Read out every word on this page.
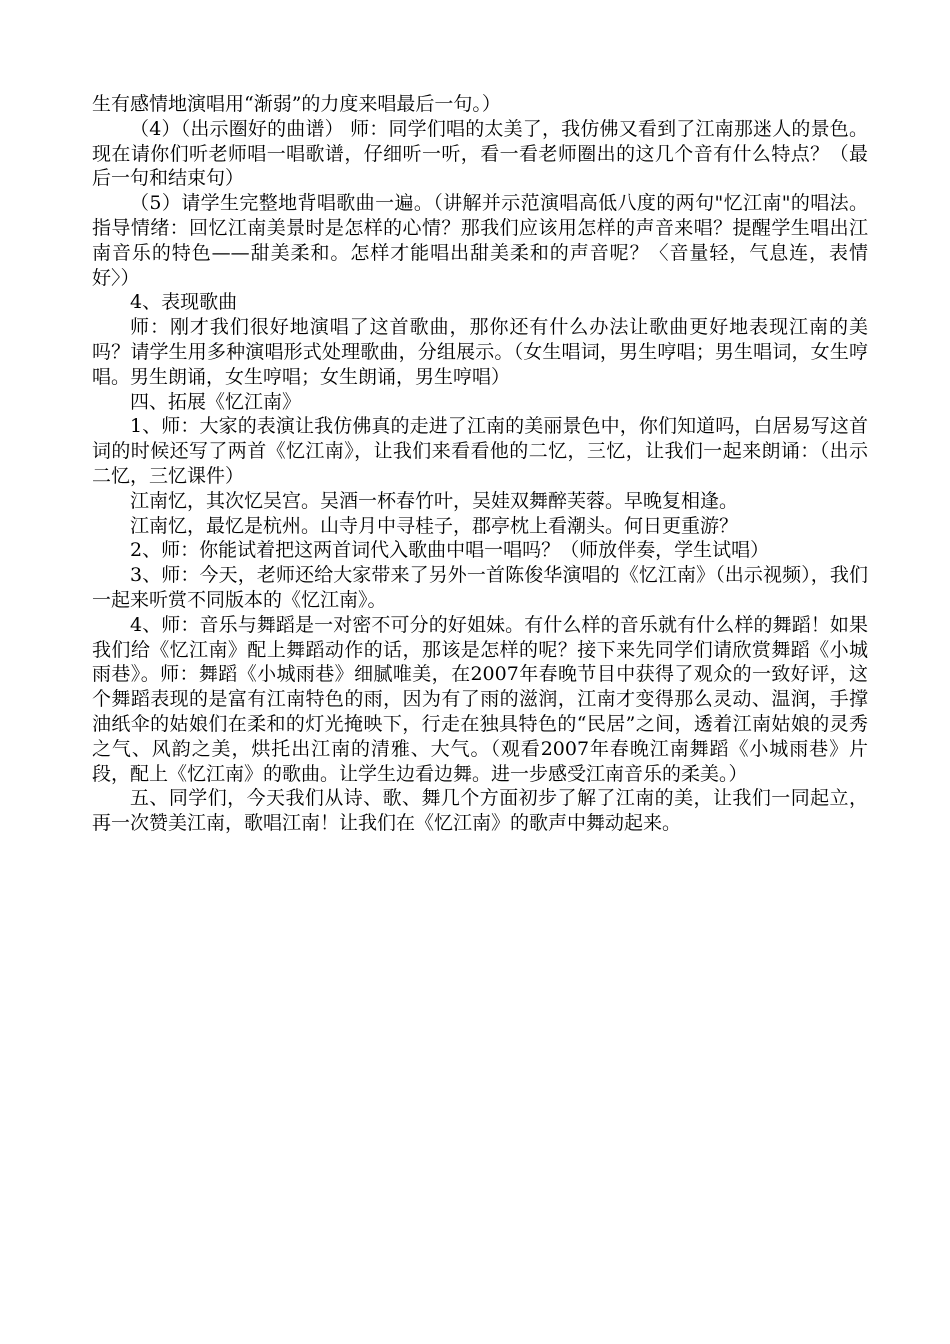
生有感情地演唱用“渐弱”的力度来唱最后一句。）

（4）（出示圈好的曲谱） 师：同学们唱的太美了，我仿佛又看到了江南那迷人的景色。现在请你们听老师唱一唱歌谱，仔细听一听，看一看老师圈出的这几个音有什么特点？（最后一句和结束句）

（5）请学生完整地背唱歌曲一遍。（讲解并示范演唱高低八度的两句"忆江南"的唱法。指导情绪：回忆江南美景时是怎样的心情？那我们应该用怎样的声音来唱？提醒学生唱出江南音乐的特色——甜美柔和。怎样才能唱出甜美柔和的声音呢？〈音量轻，气息连，表情好〉）

4、表现歌曲

师：刚才我们很好地演唱了这首歌曲，那你还有什么办法让歌曲更好地表现江南的美吗？请学生用多种演唱形式处理歌曲，分组展示。（女生唱词，男生哼唱；男生唱词，女生哼唱。男生朗诵，女生哼唱；女生朗诵，男生哼唱）

四、拓展《忆江南》

1、师：大家的表演让我仿佛真的走进了江南的美丽景色中，你们知道吗，白居易写这首词的时候还写了两首《忆江南》，让我们来看看他的二忆，三忆，让我们一起来朗诵：（出示二忆，三忆课件）

江南忆，其次忆吴宫。吴酒一杯春竹叶，吴娃双舞醉芙蓉。早晚复相逢。

江南忆，最忆是杭州。山寺月中寻桂子，郡亭枕上看潮头。何日更重游？

2、师：你能试着把这两首词代入歌曲中唱一唱吗？（师放伴奏，学生试唱）

3、师：今天，老师还给大家带来了另外一首陈俊华演唱的《忆江南》（出示视频），我们一起来听赏不同版本的《忆江南》。

4、师：音乐与舞蹈是一对密不可分的好姐妹。有什么样的音乐就有什么样的舞蹈！如果我们给《忆江南》配上舞蹈动作的话，那该是怎样的呢？接下来先同学们请欣赏舞蹈《小城雨巷》。师：舞蹈《小城雨巷》细腻唯美，在2007年春晚节目中获得了观众的一致好评，这个舞蹈表现的是富有江南特色的雨，因为有了雨的滋润，江南才变得那么灵动、温润，手撑油纸伞的姑娘们在柔和的灯光掩映下，行走在独具特色的“民居”之间，透着江南姑娘的灵秀之气、风韵之美，烘托出江南的清雅、大气。（观看2007年春晚江南舞蹈《小城雨巷》片段，配上《忆江南》的歌曲。让学生边看边舞。进一步感受江南音乐的柔美。）

五、同学们，今天我们从诗、歌、舞几个方面初步了解了江南的美，让我们一同起立，再一次赞美江南，歌唱江南！让我们在《忆江南》的歌声中舞动起来。
